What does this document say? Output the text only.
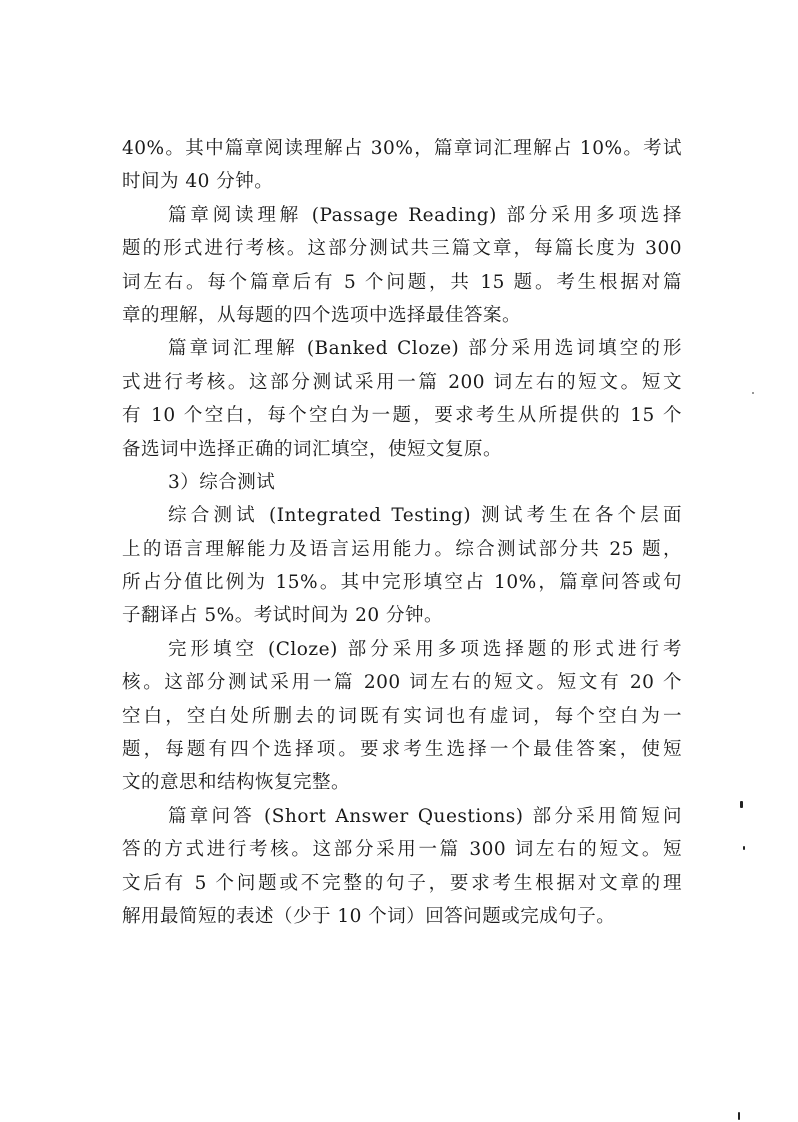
40%。其中篇章阅读理解占 30%，篇章词汇理解占 10%。考试
时间为 40 分钟。
篇章阅读理解 (Passage Reading) 部分采用多项选择
题的形式进行考核。这部分测试共三篇文章，每篇长度为 300
词左右。每个篇章后有 5 个问题，共 15 题。考生根据对篇
章的理解，从每题的四个选项中选择最佳答案。
篇章词汇理解 (Banked Cloze) 部分采用选词填空的形
式进行考核。这部分测试采用一篇 200 词左右的短文。短文
有 10 个空白，每个空白为一题，要求考生从所提供的 15 个
备选词中选择正确的词汇填空，使短文复原。
3）综合测试
综合测试 (Integrated Testing) 测试考生在各个层面
上的语言理解能力及语言运用能力。综合测试部分共 25 题，
所占分值比例为 15%。其中完形填空占 10%，篇章问答或句
子翻译占 5%。考试时间为 20 分钟。
完形填空 (Cloze) 部分采用多项选择题的形式进行考
核。这部分测试采用一篇 200 词左右的短文。短文有 20 个
空白，空白处所删去的词既有实词也有虚词，每个空白为一
题，每题有四个选择项。要求考生选择一个最佳答案，使短
文的意思和结构恢复完整。
篇章问答 (Short Answer Questions) 部分采用简短问
答的方式进行考核。这部分采用一篇 300 词左右的短文。短
文后有 5 个问题或不完整的句子，要求考生根据对文章的理
解用最简短的表述（少于 10 个词）回答问题或完成句子。
